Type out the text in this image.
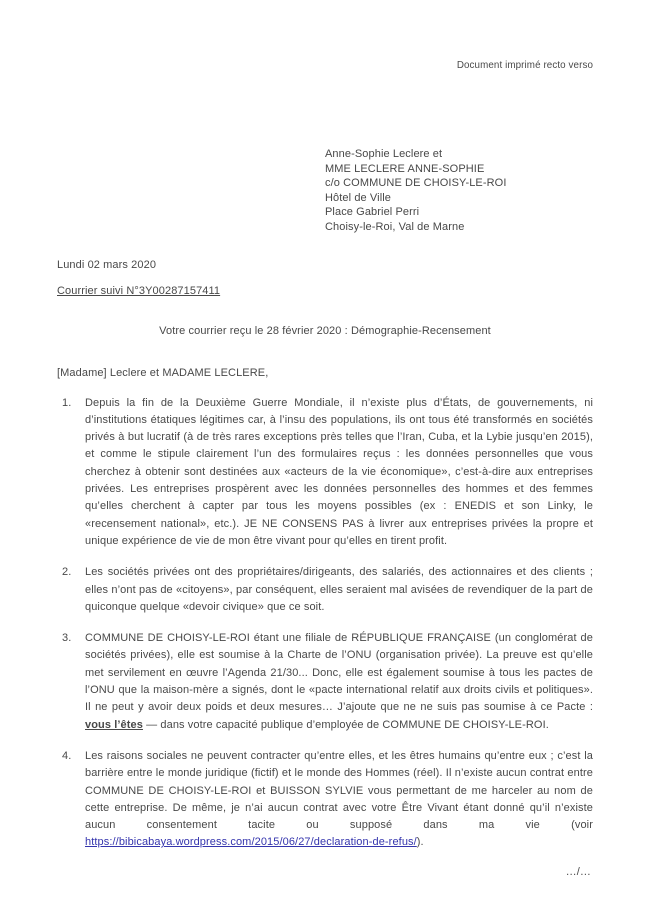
Document imprimé recto verso
Anne-Sophie Leclere et
MME LECLERE ANNE-SOPHIE
c/o COMMUNE DE CHOISY-LE-ROI
Hôtel de Ville
Place Gabriel Perri
Choisy-le-Roi, Val de Marne
Lundi 02 mars 2020
Courrier suivi N°3Y00287157411
Votre courrier reçu le 28 février 2020 : Démographie-Recensement
[Madame] Leclere et MADAME LECLERE,
1.	Depuis la fin de la Deuxième Guerre Mondiale, il n’existe plus d’États, de gouvernements, ni d’institutions étatiques légitimes car, à l’insu des populations, ils ont tous été transformés en sociétés privés à but lucratif (à de très rares exceptions près telles que l’Iran, Cuba, et la Lybie jusqu’en 2015), et comme le stipule clairement l’un des formulaires reçus : les données personnelles que vous cherchez à obtenir sont destinées aux «acteurs de la vie économique», c’est-à-dire aux entreprises privées. Les entreprises prospèrent avec les données personnelles des hommes et des femmes qu’elles cherchent à capter par tous les moyens possibles (ex : ENEDIS et son Linky, le «recensement national», etc.). JE NE CONSENS PAS à livrer aux entreprises privées la propre et unique expérience de vie de mon être vivant pour qu’elles en tirent profit.
2.	Les sociétés privées ont des propriétaires/dirigeants, des salariés, des actionnaires et des clients ; elles n’ont pas de «citoyens», par conséquent, elles seraient mal avisées de revendiquer de la part de quiconque quelque «devoir civique» que ce soit.
3.	COMMUNE DE CHOISY-LE-ROI étant une filiale de RÉPUBLIQUE FRANÇAISE (un conglomérat de sociétés privées), elle est soumise à la Charte de l’ONU (organisation privée). La preuve est qu’elle met servilement en œuvre l’Agenda 21/30... Donc, elle est également soumise à tous les pactes de l’ONU que la maison-mère a signés, dont le «pacte international relatif aux droits civils et politiques». Il ne peut y avoir deux poids et deux mesures… J’ajoute que ne ne suis pas soumise à ce Pacte : vous l’êtes — dans votre capacité publique d’employée de COMMUNE DE CHOISY-LE-ROI.
4.	Les raisons sociales ne peuvent contracter qu’entre elles, et les êtres humains qu’entre eux ; c’est la barrière entre le monde juridique (fictif) et le monde des Hommes (réel). Il n’existe aucun contrat entre COMMUNE DE CHOISY-LE-ROI et BUISSON SYLVIE vous permettant de me harceler au nom de cette entreprise. De même, je n’ai aucun contrat avec votre Être Vivant étant donné qu’il n’existe aucun consentement tacite ou supposé dans ma vie (voir https://bibicabaya.wordpress.com/2015/06/27/declaration-de-refus/).
…/…
